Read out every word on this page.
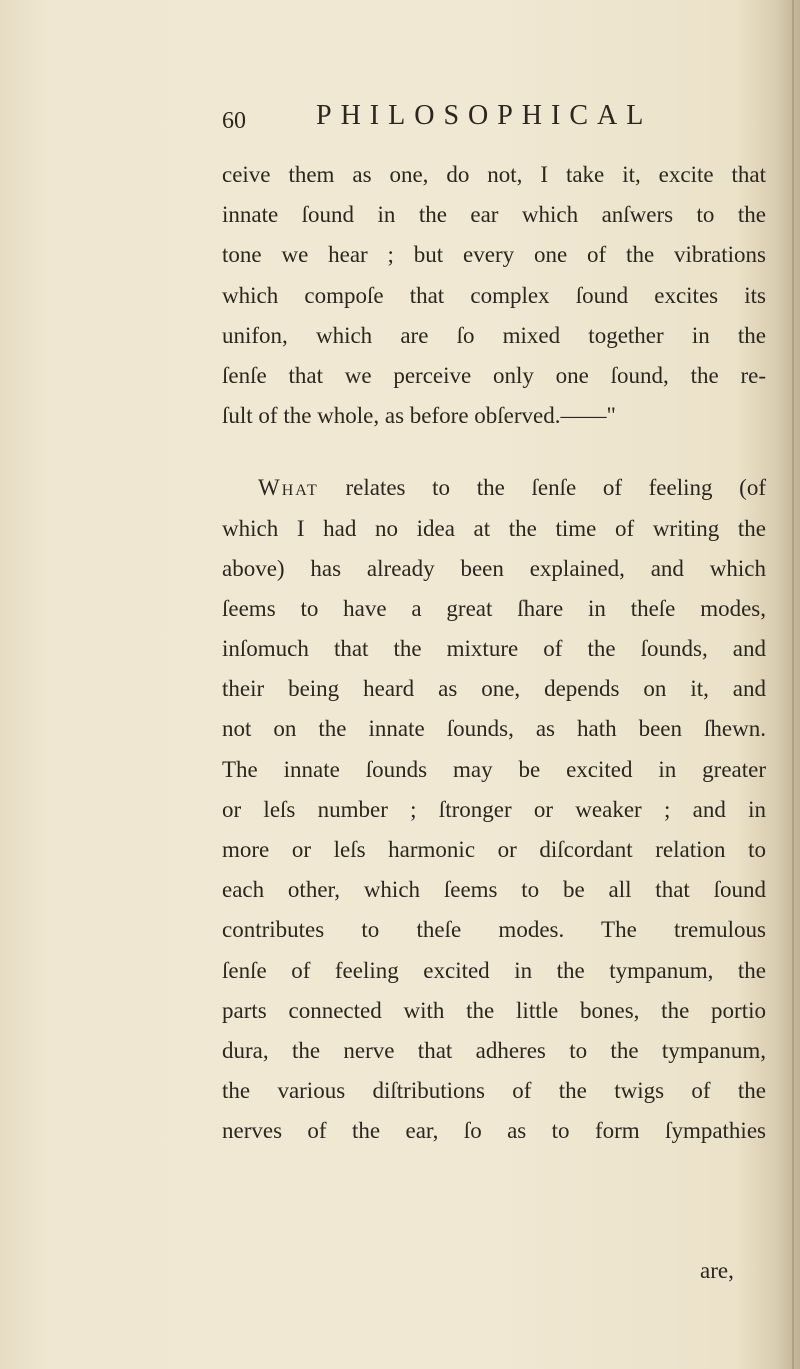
60	PHILOSOPHICAL
ceive them as one, do not, I take it, excite that
innate ſound in the ear which anſwers to the
tone we hear ; but every one of the vibrations
which compoſe that complex ſound excites its
unifon, which are ſo mixed together in the
ſenſe that we perceive only one ſound, the re-
ſult of the whole, as before obſerved.——"
What relates to the ſenſe of feeling (of
which I had no idea at the time of writing the
above) has already been explained, and which
ſeems to have a great ſhare in theſe modes,
inſomuch that the mixture of the ſounds, and
their being heard as one, depends on it, and
not on the innate ſounds, as hath been ſhewn.
The innate ſounds may be excited in greater
or leſs number ; ſtronger or weaker ; and in
more or leſs harmonic or diſcordant relation to
each other, which ſeems to be all that ſound
contributes to theſe modes. The tremulous
ſenſe of feeling excited in the tympanum, the
parts connected with the little bones, the portio
dura, the nerve that adheres to the tympanum,
the various diſtributions of the twigs of the
nerves of the ear, ſo as to form ſympathies
are,
